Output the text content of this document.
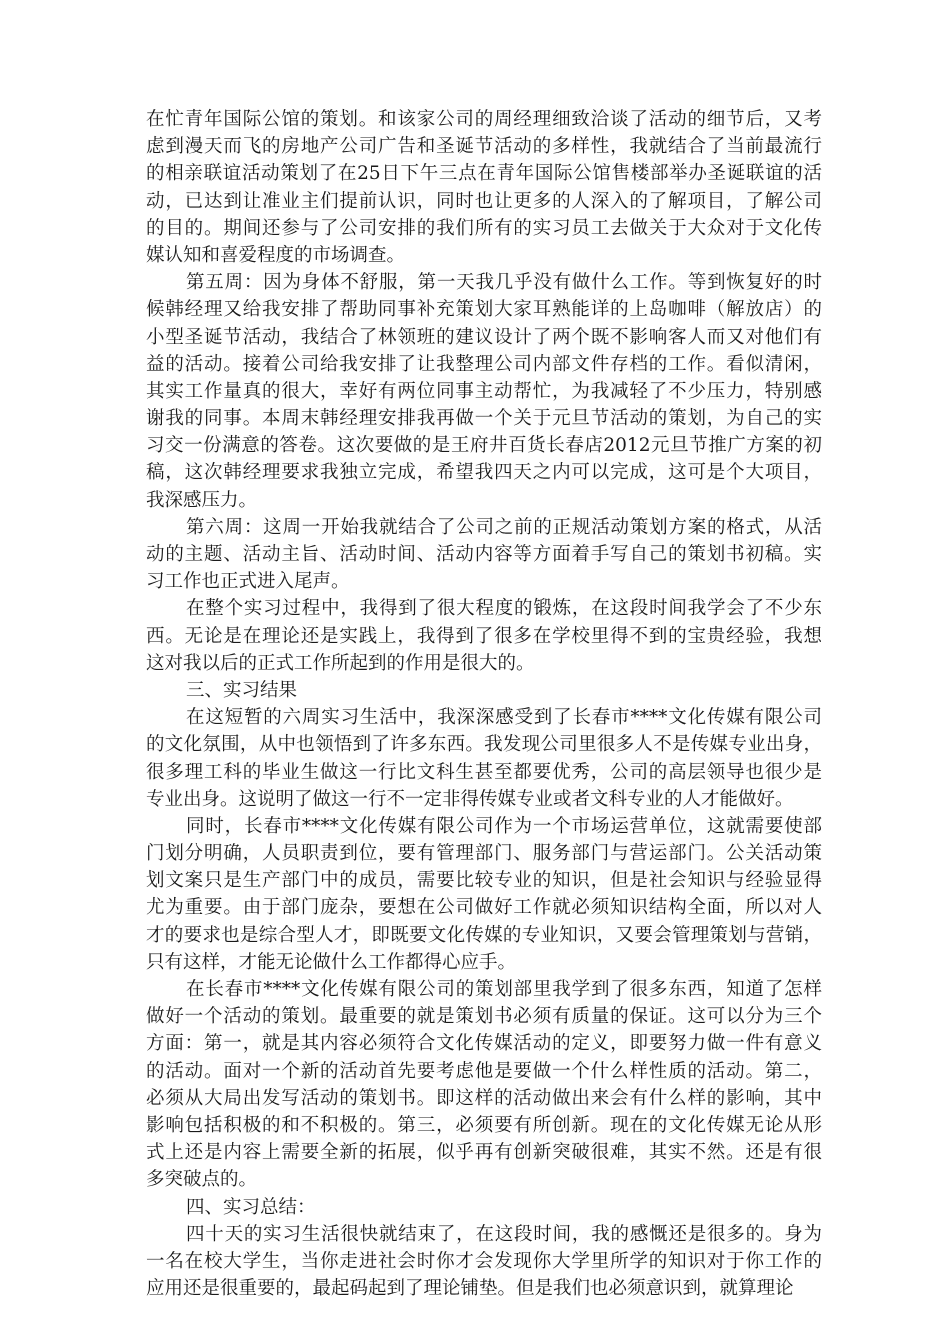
在忙青年国际公馆的策划。和该家公司的周经理细致洽谈了活动的细节后，又考
虑到漫天而飞的房地产公司广告和圣诞节活动的多样性，我就结合了当前最流行
的相亲联谊活动策划了在25日下午三点在青年国际公馆售楼部举办圣诞联谊的活
动，已达到让准业主们提前认识，同时也让更多的人深入的了解项目，了解公司
的目的。期间还参与了公司安排的我们所有的实习员工去做关于大众对于文化传
媒认知和喜爱程度的市场调查。
第五周：因为身体不舒服，第一天我几乎没有做什么工作。等到恢复好的时
候韩经理又给我安排了帮助同事补充策划大家耳熟能详的上岛咖啡（解放店）的
小型圣诞节活动，我结合了林领班的建议设计了两个既不影响客人而又对他们有
益的活动。接着公司给我安排了让我整理公司内部文件存档的工作。看似清闲，
其实工作量真的很大，幸好有两位同事主动帮忙，为我减轻了不少压力，特别感
谢我的同事。本周末韩经理安排我再做一个关于元旦节活动的策划，为自己的实
习交一份满意的答卷。这次要做的是王府井百货长春店2012元旦节推广方案的初
稿，这次韩经理要求我独立完成，希望我四天之内可以完成，这可是个大项目，
我深感压力。
第六周：这周一开始我就结合了公司之前的正规活动策划方案的格式，从活
动的主题、活动主旨、活动时间、活动内容等方面着手写自己的策划书初稿。实
习工作也正式进入尾声。
在整个实习过程中，我得到了很大程度的锻炼，在这段时间我学会了不少东
西。无论是在理论还是实践上，我得到了很多在学校里得不到的宝贵经验，我想
这对我以后的正式工作所起到的作用是很大的。
三、实习结果
在这短暂的六周实习生活中，我深深感受到了长春市****文化传媒有限公司
的文化氛围，从中也领悟到了许多东西。我发现公司里很多人不是传媒专业出身，
很多理工科的毕业生做这一行比文科生甚至都要优秀，公司的高层领导也很少是
专业出身。这说明了做这一行不一定非得传媒专业或者文科专业的人才能做好。
同时，长春市****文化传媒有限公司作为一个市场运营单位，这就需要使部
门划分明确，人员职责到位，要有管理部门、服务部门与营运部门。公关活动策
划文案只是生产部门中的成员，需要比较专业的知识，但是社会知识与经验显得
尤为重要。由于部门庞杂，要想在公司做好工作就必须知识结构全面，所以对人
才的要求也是综合型人才，即既要文化传媒的专业知识，又要会管理策划与营销，
只有这样，才能无论做什么工作都得心应手。
在长春市****文化传媒有限公司的策划部里我学到了很多东西，知道了怎样
做好一个活动的策划。最重要的就是策划书必须有质量的保证。这可以分为三个
方面：第一，就是其内容必须符合文化传媒活动的定义，即要努力做一件有意义
的活动。面对一个新的活动首先要考虑他是要做一个什么样性质的活动。第二，
必须从大局出发写活动的策划书。即这样的活动做出来会有什么样的影响，其中
影响包括积极的和不积极的。第三，必须要有所创新。现在的文化传媒无论从形
式上还是内容上需要全新的拓展，似乎再有创新突破很难，其实不然。还是有很
多突破点的。
四、实习总结：
四十天的实习生活很快就结束了，在这段时间，我的感慨还是很多的。身为
一名在校大学生，当你走进社会时你才会发现你大学里所学的知识对于你工作的
应用还是很重要的，最起码起到了理论铺垫。但是我们也必须意识到，就算理论
